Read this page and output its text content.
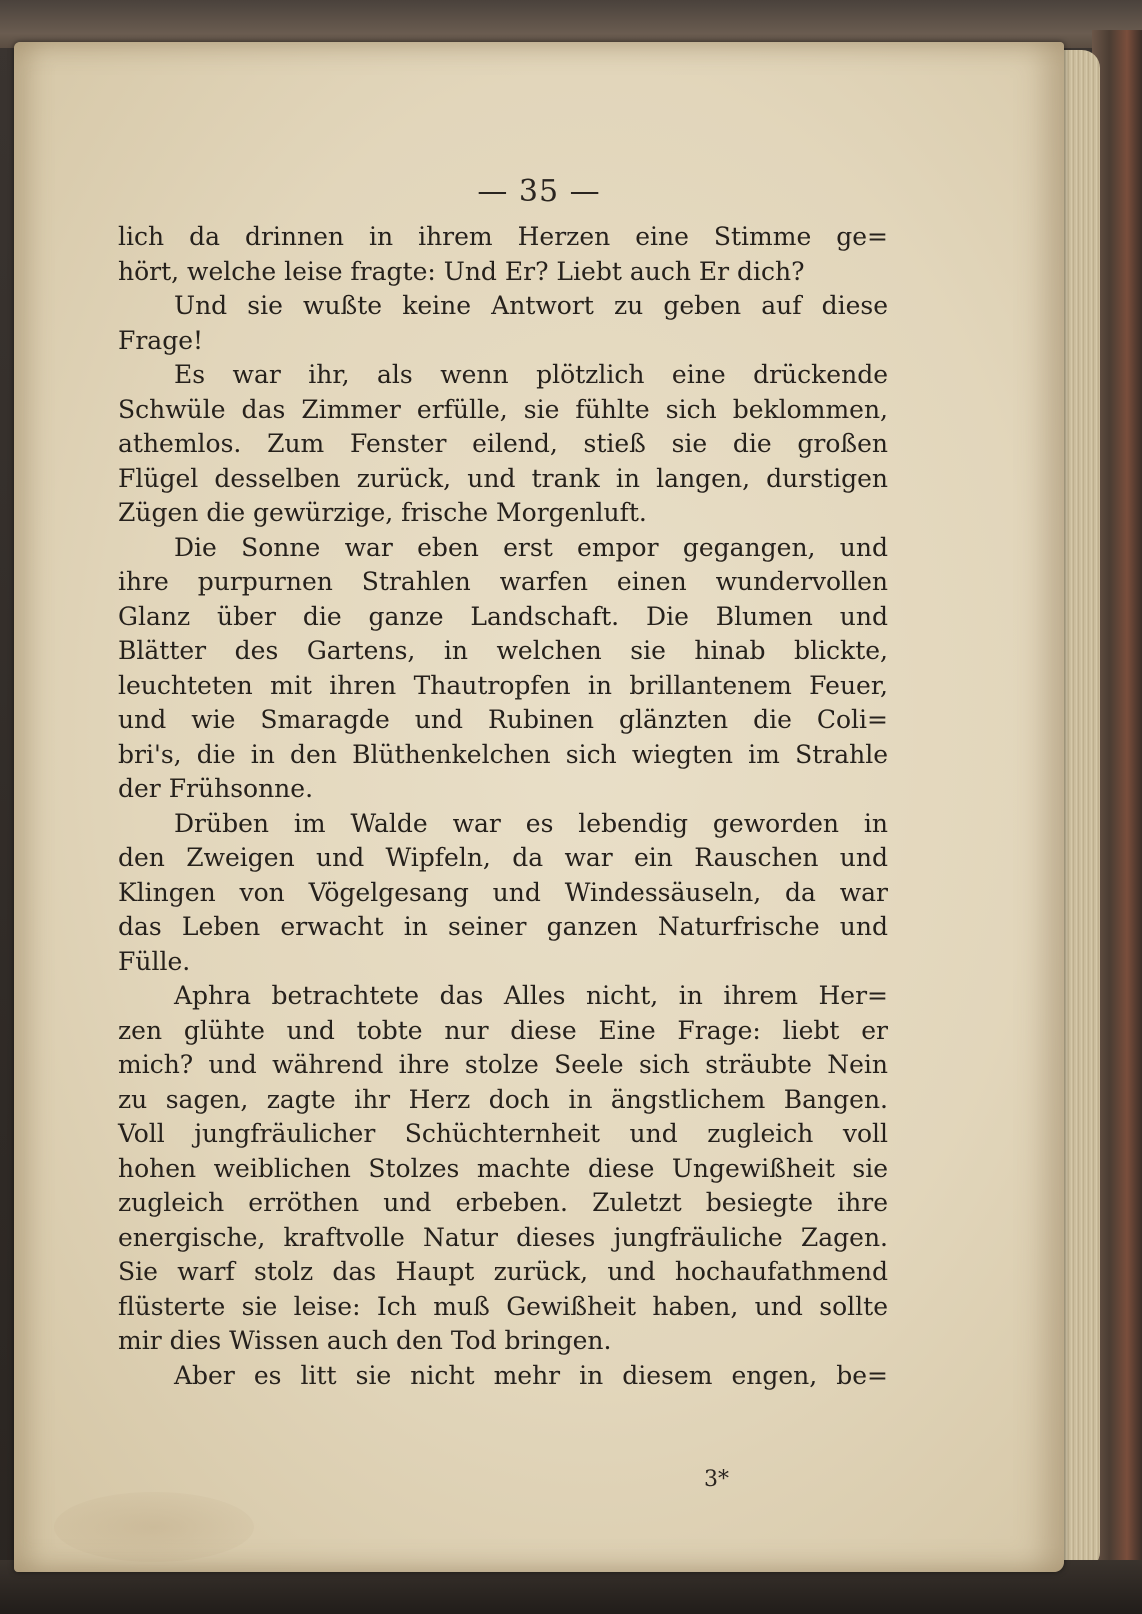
— 35 —
lich da drinnen in ihrem Herzen eine Stimme ge=
hört, welche leise fragte: Und Er? Liebt auch Er dich?
Und sie wußte keine Antwort zu geben auf diese
Frage!
Es war ihr, als wenn plötzlich eine drückende
Schwüle das Zimmer erfülle, sie fühlte sich beklommen,
athemlos. Zum Fenster eilend, stieß sie die großen
Flügel desselben zurück, und trank in langen, durstigen
Zügen die gewürzige, frische Morgenluft.
Die Sonne war eben erst empor gegangen, und
ihre purpurnen Strahlen warfen einen wundervollen
Glanz über die ganze Landschaft. Die Blumen und
Blätter des Gartens, in welchen sie hinab blickte,
leuchteten mit ihren Thautropfen in brillantenem Feuer,
und wie Smaragde und Rubinen glänzten die Coli=
bri's, die in den Blüthenkelchen sich wiegten im Strahle
der Frühsonne.
Drüben im Walde war es lebendig geworden in
den Zweigen und Wipfeln, da war ein Rauschen und
Klingen von Vögelgesang und Windessäuseln, da war
das Leben erwacht in seiner ganzen Naturfrische und
Fülle.
Aphra betrachtete das Alles nicht, in ihrem Her=
zen glühte und tobte nur diese Eine Frage: liebt er
mich? und während ihre stolze Seele sich sträubte Nein
zu sagen, zagte ihr Herz doch in ängstlichem Bangen.
Voll jungfräulicher Schüchternheit und zugleich voll
hohen weiblichen Stolzes machte diese Ungewißheit sie
zugleich erröthen und erbeben. Zuletzt besiegte ihre
energische, kraftvolle Natur dieses jungfräuliche Zagen.
Sie warf stolz das Haupt zurück, und hochaufathmend
flüsterte sie leise: Ich muß Gewißheit haben, und sollte
mir dies Wissen auch den Tod bringen.
Aber es litt sie nicht mehr in diesem engen, be=
3*
